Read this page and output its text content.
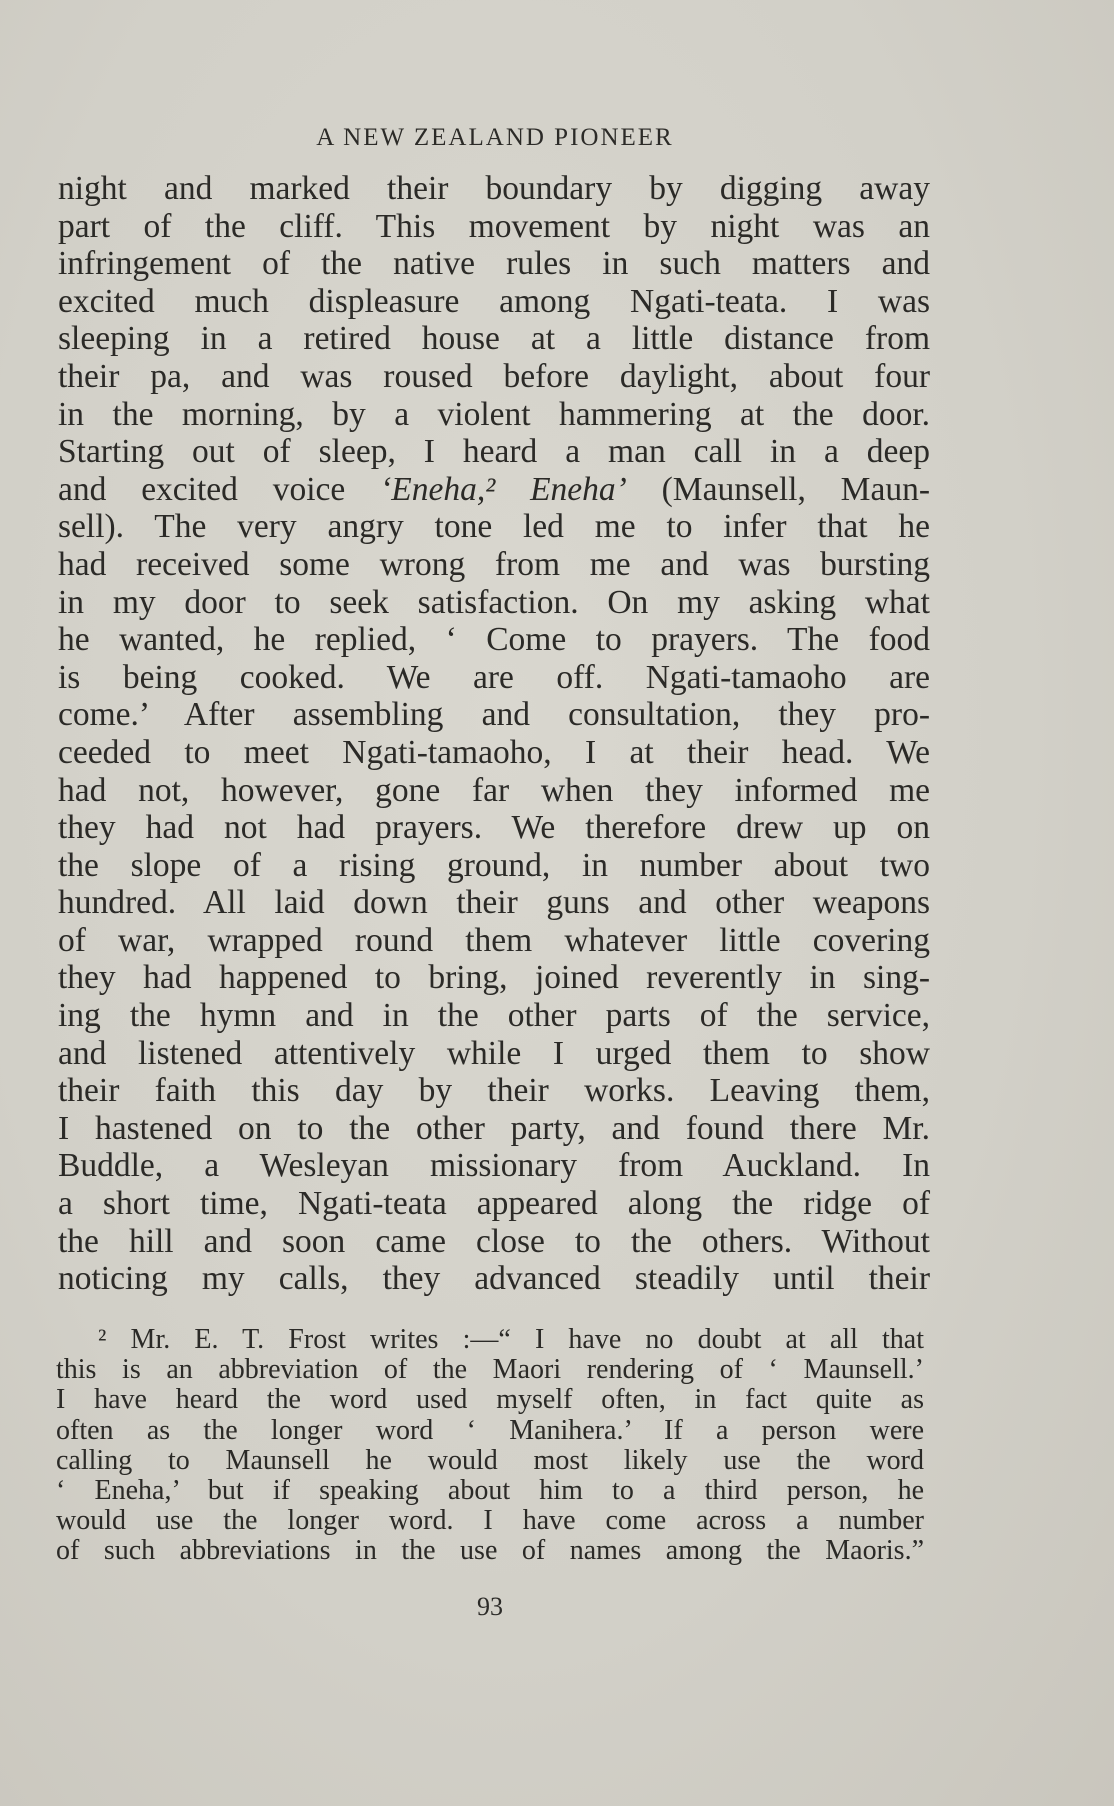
A NEW ZEALAND PIONEER
night and marked their boundary by digging away
part of the cliff. This movement by night was an
infringement of the native rules in such matters and
excited much displeasure among Ngati-teata. I was
sleeping in a retired house at a little distance from
their pa, and was roused before daylight, about four
in the morning, by a violent hammering at the door.
Starting out of sleep, I heard a man call in a deep
and excited voice ‘Eneha,² Eneha’ (Maunsell, Maun-
sell). The very angry tone led me to infer that he
had received some wrong from me and was bursting
in my door to seek satisfaction. On my asking what
he wanted, he replied, ‘ Come to prayers. The food
is being cooked. We are off. Ngati-tamaoho are
come.’ After assembling and consultation, they pro-
ceeded to meet Ngati-tamaoho, I at their head. We
had not, however, gone far when they informed me
they had not had prayers. We therefore drew up on
the slope of a rising ground, in number about two
hundred. All laid down their guns and other weapons
of war, wrapped round them whatever little covering
they had happened to bring, joined reverently in sing-
ing the hymn and in the other parts of the service,
and listened attentively while I urged them to show
their faith this day by their works. Leaving them,
I hastened on to the other party, and found there Mr.
Buddle, a Wesleyan missionary from Auckland. In
a short time, Ngati-teata appeared along the ridge of
the hill and soon came close to the others. Without
noticing my calls, they advanced steadily until their
² Mr. E. T. Frost writes :—“ I have no doubt at all that
this is an abbreviation of the Maori rendering of ‘ Maunsell.’
I have heard the word used myself often, in fact quite as
often as the longer word ‘ Manihera.’ If a person were
calling to Maunsell he would most likely use the word
‘ Eneha,’ but if speaking about him to a third person, he
would use the longer word. I have come across a number
of such abbreviations in the use of names among the Maoris.”
93
